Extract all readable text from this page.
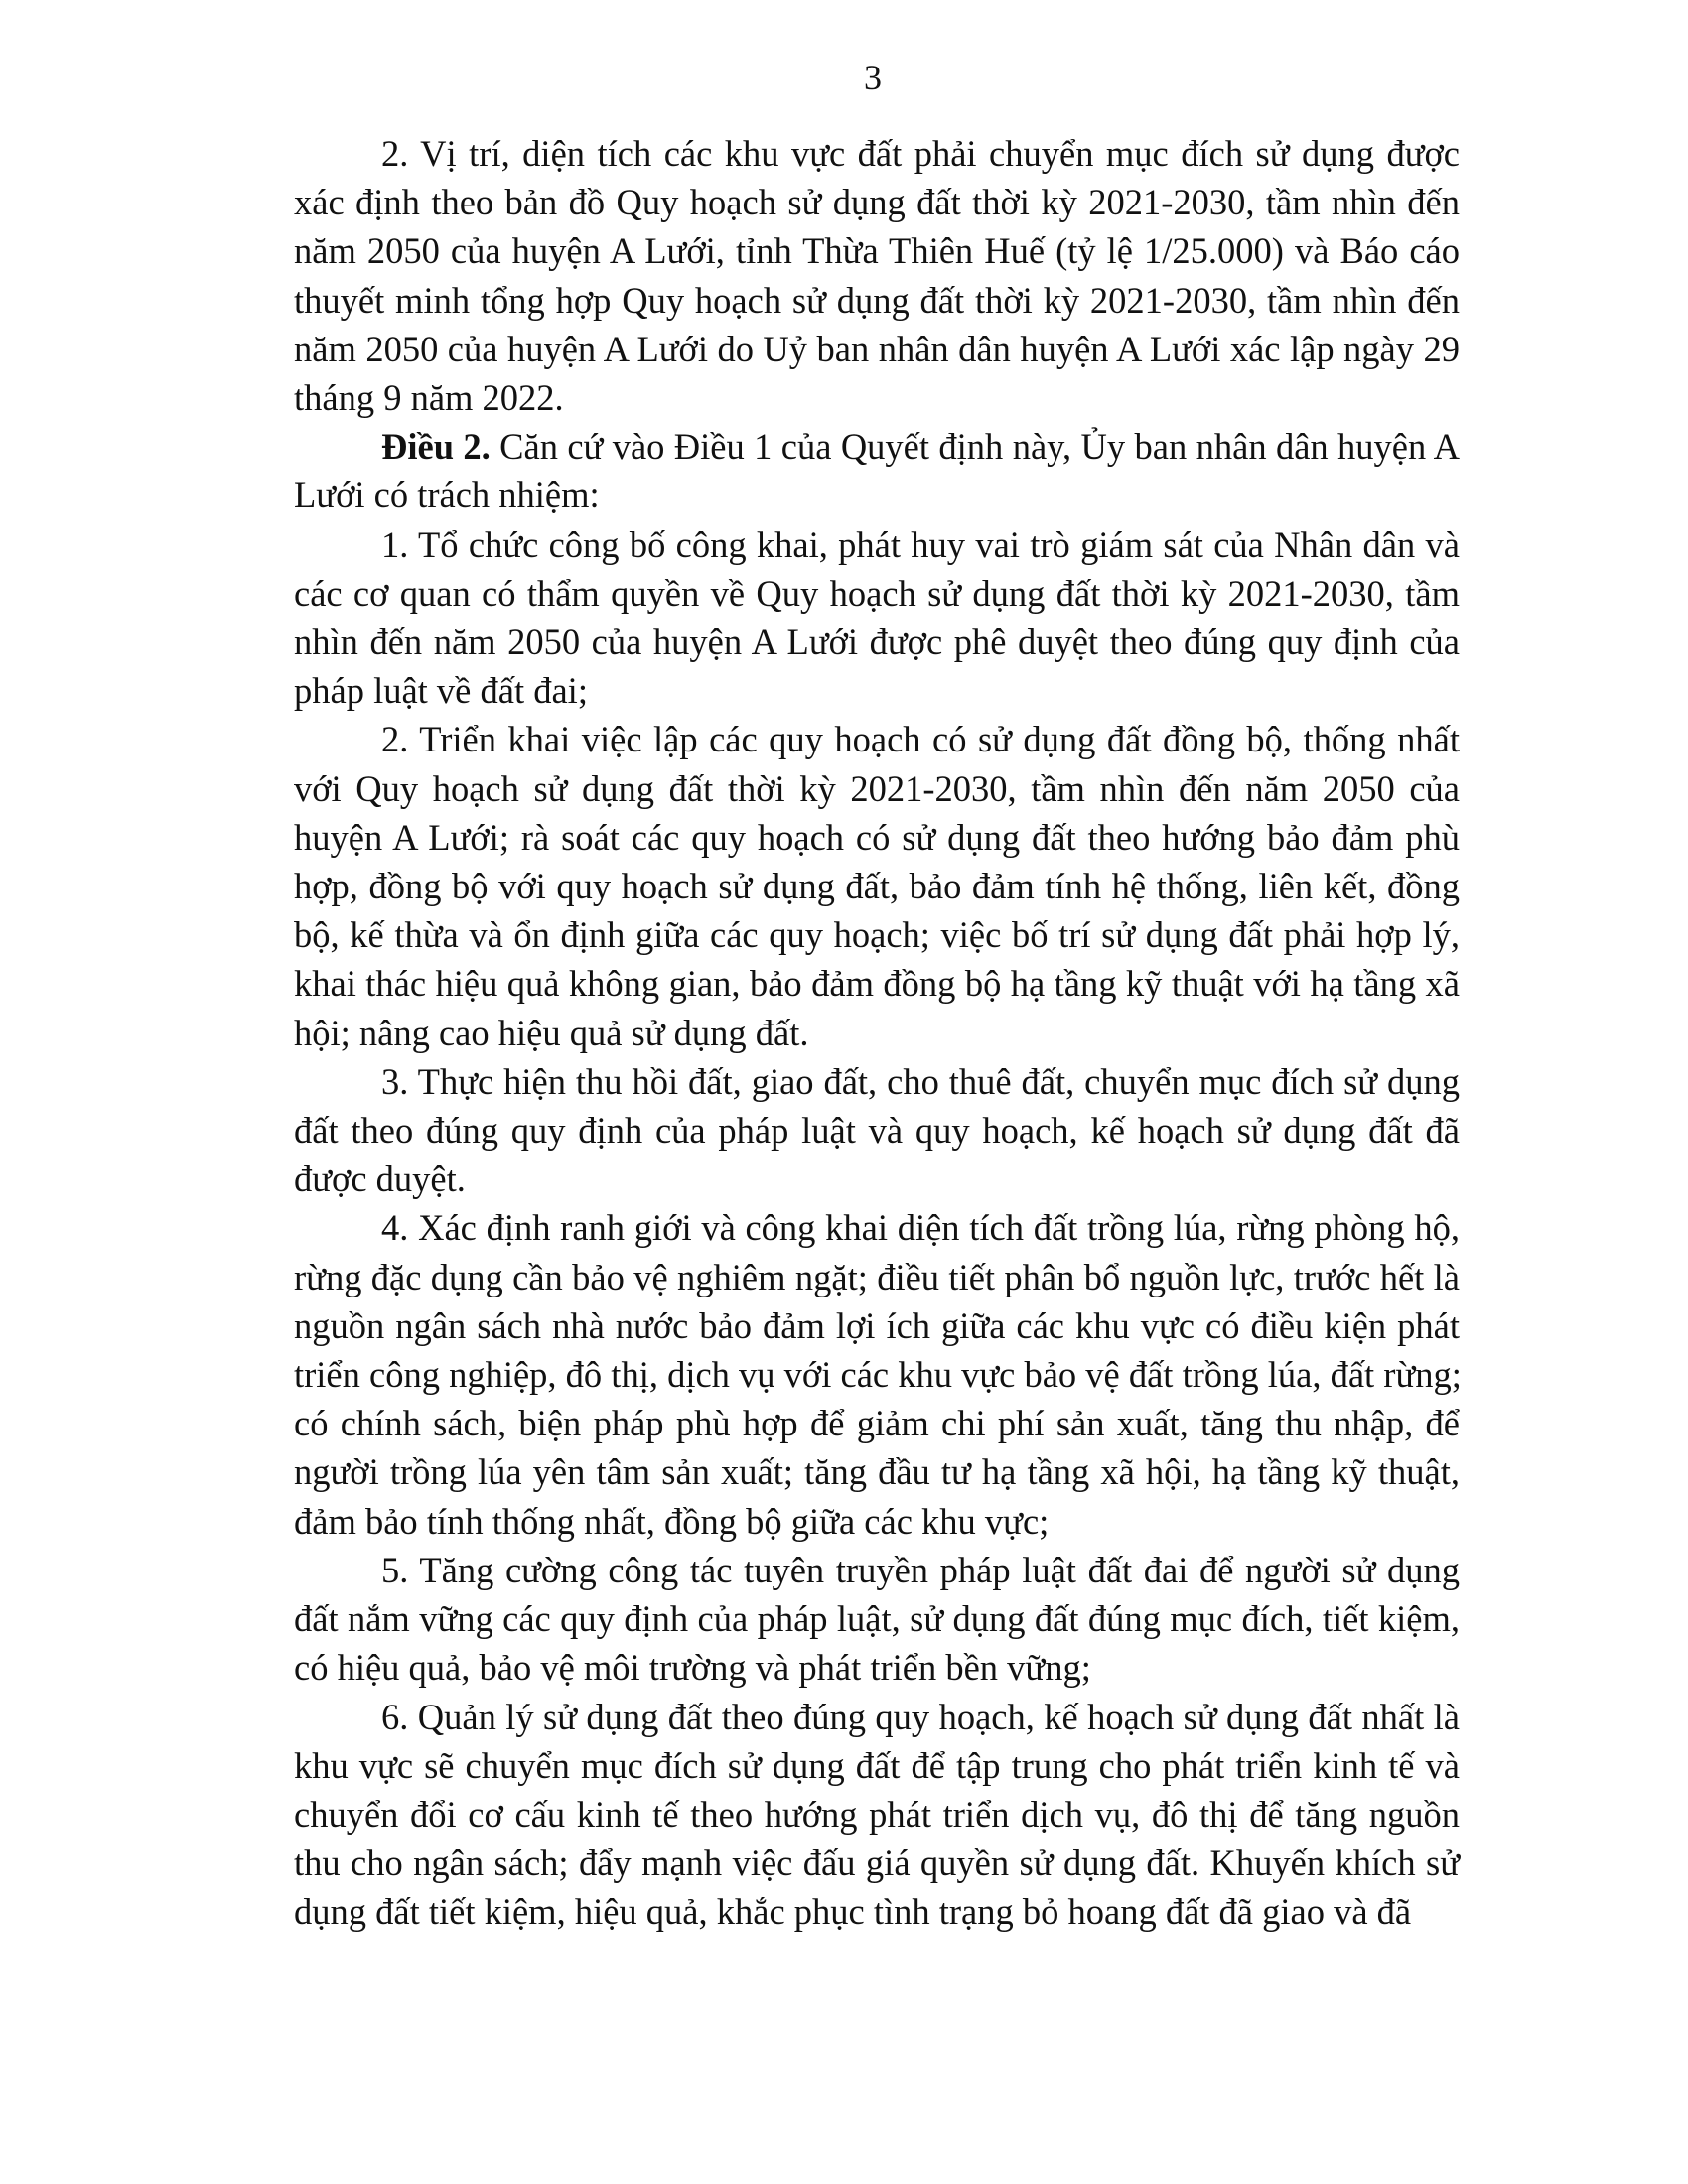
3
2. Vị trí, diện tích các khu vực đất phải chuyển mục đích sử dụng được
xác định theo bản đồ Quy hoạch sử dụng đất thời kỳ 2021-2030, tầm nhìn đến
năm 2050 của huyện A Lưới, tỉnh Thừa Thiên Huế (tỷ lệ 1/25.000) và Báo cáo
thuyết minh tổng hợp Quy hoạch sử dụng đất thời kỳ 2021-2030, tầm nhìn đến
năm 2050 của huyện A Lưới do Uỷ ban nhân dân huyện A Lưới xác lập ngày 29
tháng 9 năm 2022.
Điều 2. Căn cứ vào Điều 1 của Quyết định này, Ủy ban nhân dân huyện A
Lưới có trách nhiệm:
1. Tổ chức công bố công khai, phát huy vai trò giám sát của Nhân dân và
các cơ quan có thẩm quyền về Quy hoạch sử dụng đất thời kỳ 2021-2030, tầm
nhìn đến năm 2050 của huyện A Lưới được phê duyệt theo đúng quy định của
pháp luật về đất đai;
2. Triển khai việc lập các quy hoạch có sử dụng đất đồng bộ, thống nhất
với Quy hoạch sử dụng đất thời kỳ 2021-2030, tầm nhìn đến năm 2050 của
huyện A Lưới; rà soát các quy hoạch có sử dụng đất theo hướng bảo đảm phù
hợp, đồng bộ với quy hoạch sử dụng đất, bảo đảm tính hệ thống, liên kết, đồng
bộ, kế thừa và ổn định giữa các quy hoạch; việc bố trí sử dụng đất phải hợp lý,
khai thác hiệu quả không gian, bảo đảm đồng bộ hạ tầng kỹ thuật với hạ tầng xã
hội; nâng cao hiệu quả sử dụng đất.
3. Thực hiện thu hồi đất, giao đất, cho thuê đất, chuyển mục đích sử dụng
đất theo đúng quy định của pháp luật và quy hoạch, kế hoạch sử dụng đất đã
được duyệt.
4. Xác định ranh giới và công khai diện tích đất trồng lúa, rừng phòng hộ,
rừng đặc dụng cần bảo vệ nghiêm ngặt; điều tiết phân bổ nguồn lực, trước hết là
nguồn ngân sách nhà nước bảo đảm lợi ích giữa các khu vực có điều kiện phát
triển công nghiệp, đô thị, dịch vụ với các khu vực bảo vệ đất trồng lúa, đất rừng;
có chính sách, biện pháp phù hợp để giảm chi phí sản xuất, tăng thu nhập, để
người trồng lúa yên tâm sản xuất; tăng đầu tư hạ tầng xã hội, hạ tầng kỹ thuật,
đảm bảo tính thống nhất, đồng bộ giữa các khu vực;
5. Tăng cường công tác tuyên truyền pháp luật đất đai để người sử dụng
đất nắm vững các quy định của pháp luật, sử dụng đất đúng mục đích, tiết kiệm,
có hiệu quả, bảo vệ môi trường và phát triển bền vững;
6. Quản lý sử dụng đất theo đúng quy hoạch, kế hoạch sử dụng đất nhất là
khu vực sẽ chuyển mục đích sử dụng đất để tập trung cho phát triển kinh tế và
chuyển đổi cơ cấu kinh tế theo hướng phát triển dịch vụ, đô thị để tăng nguồn
thu cho ngân sách; đẩy mạnh việc đấu giá quyền sử dụng đất. Khuyến khích sử
dụng đất tiết kiệm, hiệu quả, khắc phục tình trạng bỏ hoang đất đã giao và đã
